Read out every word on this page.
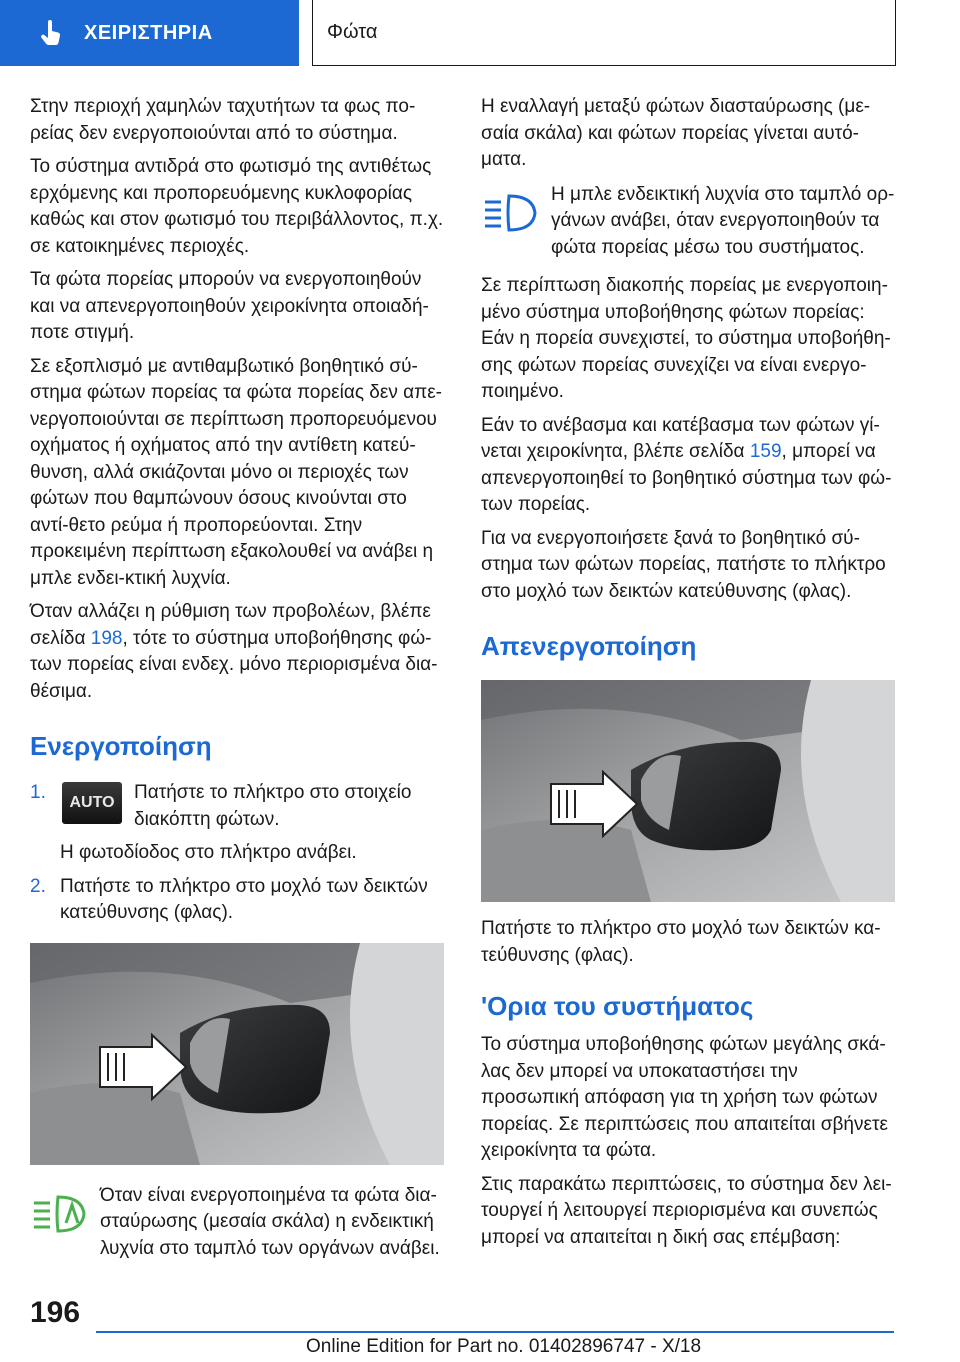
ΧΕΙΡΙΣΤΗΡΙΑ	Φώτα

Στην περιοχή χαμηλών ταχυτήτων τα φως πο-ρείας δεν ενεργοποιούνται από το σύστημα.

Το σύστημα αντιδρά στο φωτισμό της αντιθέτως ερχόμενης και προπορευόμενης κυκλοφορίας καθώς και στον φωτισμό του περιβάλλοντος, π.χ. σε κατοικημένες περιοχές.

Τα φώτα πορείας μπορούν να ενεργοποιηθούν και να απενεργοποιηθούν χειροκίνητα οποιαδή-ποτε στιγμή.

Σε εξοπλισμό με αντιθαμβωτικό βοηθητικό σύ-στημα φώτων πορείας τα φώτα πορείας δεν απε-νεργοποιούνται σε περίπτωση προπορευόμενου οχήματος ή οχήματος από την αντίθετη κατεύ-θυνση, αλλά σκιάζονται μόνο οι περιοχές των φώτων που θαμπώνουν όσους κινούνται στο αντί-θετο ρεύμα ή προπορεύονται. Στην προκειμένη περίπτωση εξακολουθεί να ανάβει η μπλε ενδει-κτική λυχνία.

Όταν αλλάζει η ρύθμιση των προβολέων, βλέπε σελίδα 198, τότε το σύστημα υποβοήθησης φώ-των πορείας είναι ενδεχ. μόνο περιορισμένα δια-θέσιμα.

Ενεργοποίηση
1.	AUTO	Πατήστε το πλήκτρο στο στοιχείο διακόπτη φώτων.
Η φωτοδίοδος στο πλήκτρο ανάβει.
2. Πατήστε το πλήκτρο στο μοχλό των δεικτών κατεύθυνσης (φλας).

Όταν είναι ενεργοποιημένα τα φώτα δια-σταύρωσης (μεσαία σκάλα) η ενδεικτική λυχνία στο ταμπλό των οργάνων ανάβει.

Η εναλλαγή μεταξύ φώτων διασταύρωσης (με-σαία σκάλα) και φώτων πορείας γίνεται αυτό-ματα.

Η μπλε ενδεικτική λυχνία στο ταμπλό ορ-γάνων ανάβει, όταν ενεργοποιηθούν τα φώτα πορείας μέσω του συστήματος.

Σε περίπτωση διακοπής πορείας με ενεργοποιη-μένο σύστημα υποβοήθησης φώτων πορείας: Εάν η πορεία συνεχιστεί, το σύστημα υποβοήθη-σης φώτων πορείας συνεχίζει να είναι ενεργο-ποιημένο.

Εάν το ανέβασμα και κατέβασμα των φώτων γί-νεται χειροκίνητα, βλέπε σελίδα 159, μπορεί να απενεργοποιηθεί το βοηθητικό σύστημα των φώ-των πορείας.

Για να ενεργοποιήσετε ξανά το βοηθητικό σύ-στημα των φώτων πορείας, πατήστε το πλήκτρο στο μοχλό των δεικτών κατεύθυνσης (φλας).

Απενεργοποίηση

Πατήστε το πλήκτρο στο μοχλό των δεικτών κα-τεύθυνσης (φλας).

'Ορια του συστήματος

Το σύστημα υποβοήθησης φώτων μεγάλης σκά-λας δεν μπορεί να υποκαταστήσει την προσωπική απόφαση για τη χρήση των φώτων πορείας. Σε περιπτώσεις που απαιτείται σβήνετε χειροκίνητα τα φώτα.

Στις παρακάτω περιπτώσεις, το σύστημα δεν λει-τουργεί ή λειτουργεί περιορισμένα και συνεπώς μπορεί να απαιτείται η δική σας επέμβαση:

196
Online Edition for Part no. 01402896747 - X/18
